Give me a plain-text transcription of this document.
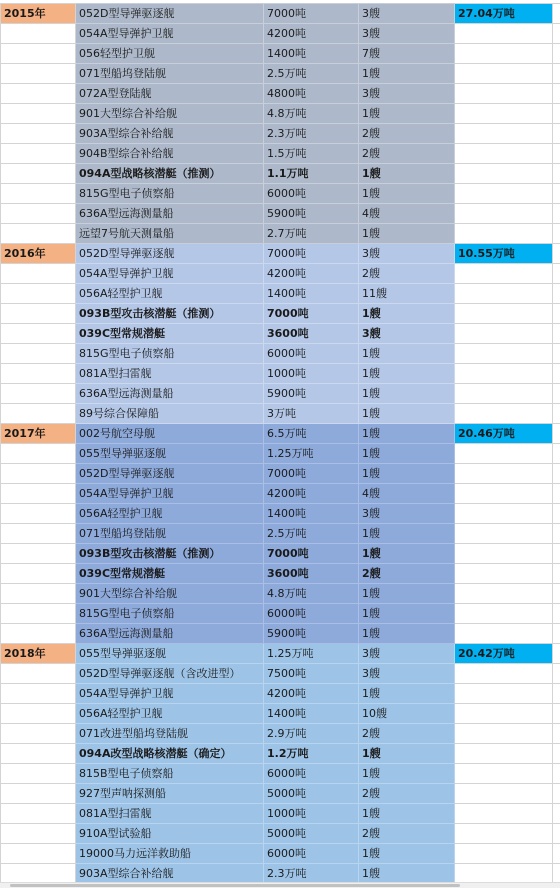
2015年	052D型导弹驱逐舰	7000吨	3艘	27.04万吨	
	054A型导弹护卫舰	4200吨	3艘		
	056轻型护卫舰	1400吨	7艘		
	071型船坞登陆舰	2.5万吨	1艘		
	072A型登陆舰	4800吨	3艘		
	901大型综合补给舰	4.8万吨	1艘		
	903A型综合补给舰	2.3万吨	2艘		
	904B型综合补给舰	1.5万吨	2艘		
	094A型战略核潜艇（推测）	1.1万吨	1艘		
	815G型电子侦察船	6000吨	1艘		
	636A型远海测量船	5900吨	4艘		
	远望7号航天测量船	2.7万吨	1艘		
2016年	052D型导弹驱逐舰	7000吨	3艘	10.55万吨	
	054A型导弹护卫舰	4200吨	2艘		
	056A轻型护卫舰	1400吨	11艘		
	093B型攻击核潜艇（推测）	7000吨	1艘		
	039C型常规潜艇	3600吨	3艘		
	815G型电子侦察船	6000吨	1艘		
	081A型扫雷舰	1000吨	1艘		
	636A型远海测量船	5900吨	1艘		
	89号综合保障船	3万吨	1艘		
2017年	002号航空母舰	6.5万吨	1艘	20.46万吨	
	055型导弹驱逐舰	1.25万吨	1艘		
	052D型导弹驱逐舰	7000吨	1艘		
	054A型导弹护卫舰	4200吨	4艘		
	056A轻型护卫舰	1400吨	3艘		
	071型船坞登陆舰	2.5万吨	1艘		
	093B型攻击核潜艇（推测）	7000吨	1艘		
	039C型常规潜艇	3600吨	2艘		
	901大型综合补给舰	4.8万吨	1艘		
	815G型电子侦察船	6000吨	1艘		
	636A型远海测量船	5900吨	1艘		
2018年	055型导弹驱逐舰	1.25万吨	3艘	20.42万吨	
	052D型导弹驱逐舰（含改进型）	7500吨	3艘		
	054A型导弹护卫舰	4200吨	1艘		
	056A轻型护卫舰	1400吨	10艘		
	071改进型船坞登陆舰	2.9万吨	2艘		
	094A改型战略核潜艇（确定）	1.2万吨	1艘		
	815B型电子侦察船	6000吨	1艘		
	927型声呐探测船	5000吨	2艘		
	081A型扫雷舰	1000吨	1艘		
	910A型试验船	5000吨	2艘		
	19000马力远洋救助船	6000吨	1艘		
	903A型综合补给舰	2.3万吨	1艘		
